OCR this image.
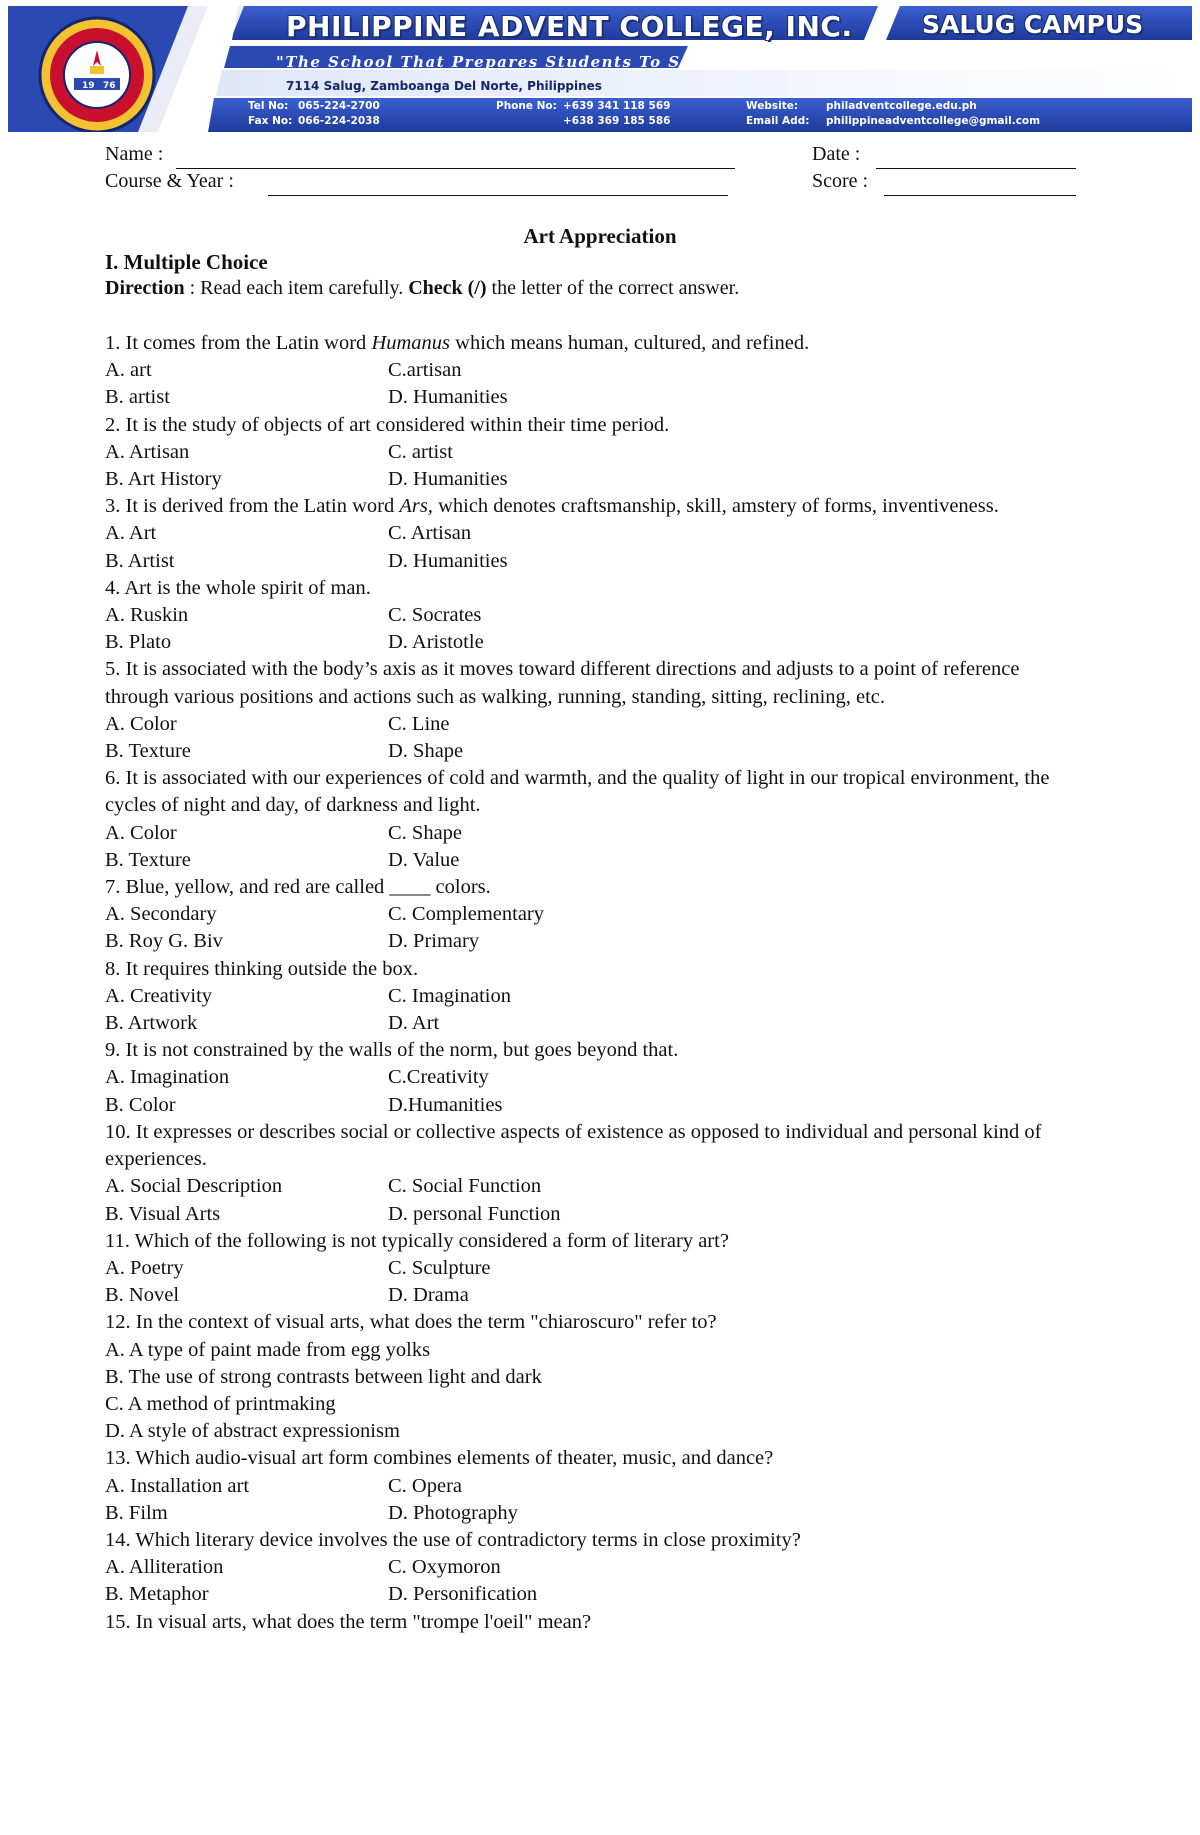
19 76
PHILIPPINE ADVENT COLLEGE, INC.	SALUG CAMPUS
"The School That Prepares Students To Serve"
7114 Salug, Zamboanga Del Norte, Philippines
Tel No: 065-224-2700
Fax No: 066-224-2038
Phone No: +639 341 118 569
+638 369 185 586
Website:	philadventcollege.edu.ph
Email Add: philippineadventcollege@gmail.com
Name :	Date :
Course & Year :	Score :
Art Appreciation
I. Multiple Choice
Direction : Read each item carefully. Check (/) the letter of the correct answer.

1. It comes from the Latin word Humanus which means human, cultured, and refined.

A. art	C.artisan
B. artist	D. Humanities

2. It is the study of objects of art considered within their time period.

A. Artisan	C. artist
B. Art History	D. Humanities

3. It is derived from the Latin word Ars, which denotes craftsmanship, skill, amstery of forms, inventiveness.

A. Art	C. Artisan
B. Artist	D. Humanities

4. Art is the whole spirit of man.

A. Ruskin	C. Socrates
B. Plato	D. Aristotle

5. It is associated with the body’s axis as it moves toward different directions and adjusts to a point of reference through various positions and actions such as walking, running, standing, sitting, reclining, etc.

A. Color	C. Line
B. Texture	D. Shape

6. It is associated with our experiences of cold and warmth, and the quality of light in our tropical environment, the cycles of night and day, of darkness and light.

A. Color	C. Shape
B. Texture	D. Value

7. Blue, yellow, and red are called ____ colors.

A. Secondary	C. Complementary
B. Roy G. Biv	D. Primary

8. It requires thinking outside the box.

A. Creativity	C. Imagination
B. Artwork	D. Art

9. It is not constrained by the walls of the norm, but goes beyond that.

A. Imagination	C.Creativity
B. Color	D.Humanities

10. It expresses or describes social or collective aspects of existence as opposed to individual and personal kind of experiences.

A. Social Description	C. Social Function
B. Visual Arts	D. personal Function

11. Which of the following is not typically considered a form of literary art?

A. Poetry	C. Sculpture
B. Novel	D. Drama

12. In the context of visual arts, what does the term "chiaroscuro" refer to?

A. A type of paint made from egg yolks

B. The use of strong contrasts between light and dark

C. A method of printmaking

D. A style of abstract expressionism

13. Which audio-visual art form combines elements of theater, music, and dance?

A. Installation art	C. Opera
B. Film	D. Photography

14. Which literary device involves the use of contradictory terms in close proximity?

A. Alliteration	C. Oxymoron
B. Metaphor	D. Personification

15. In visual arts, what does the term "trompe l'oeil" mean?
